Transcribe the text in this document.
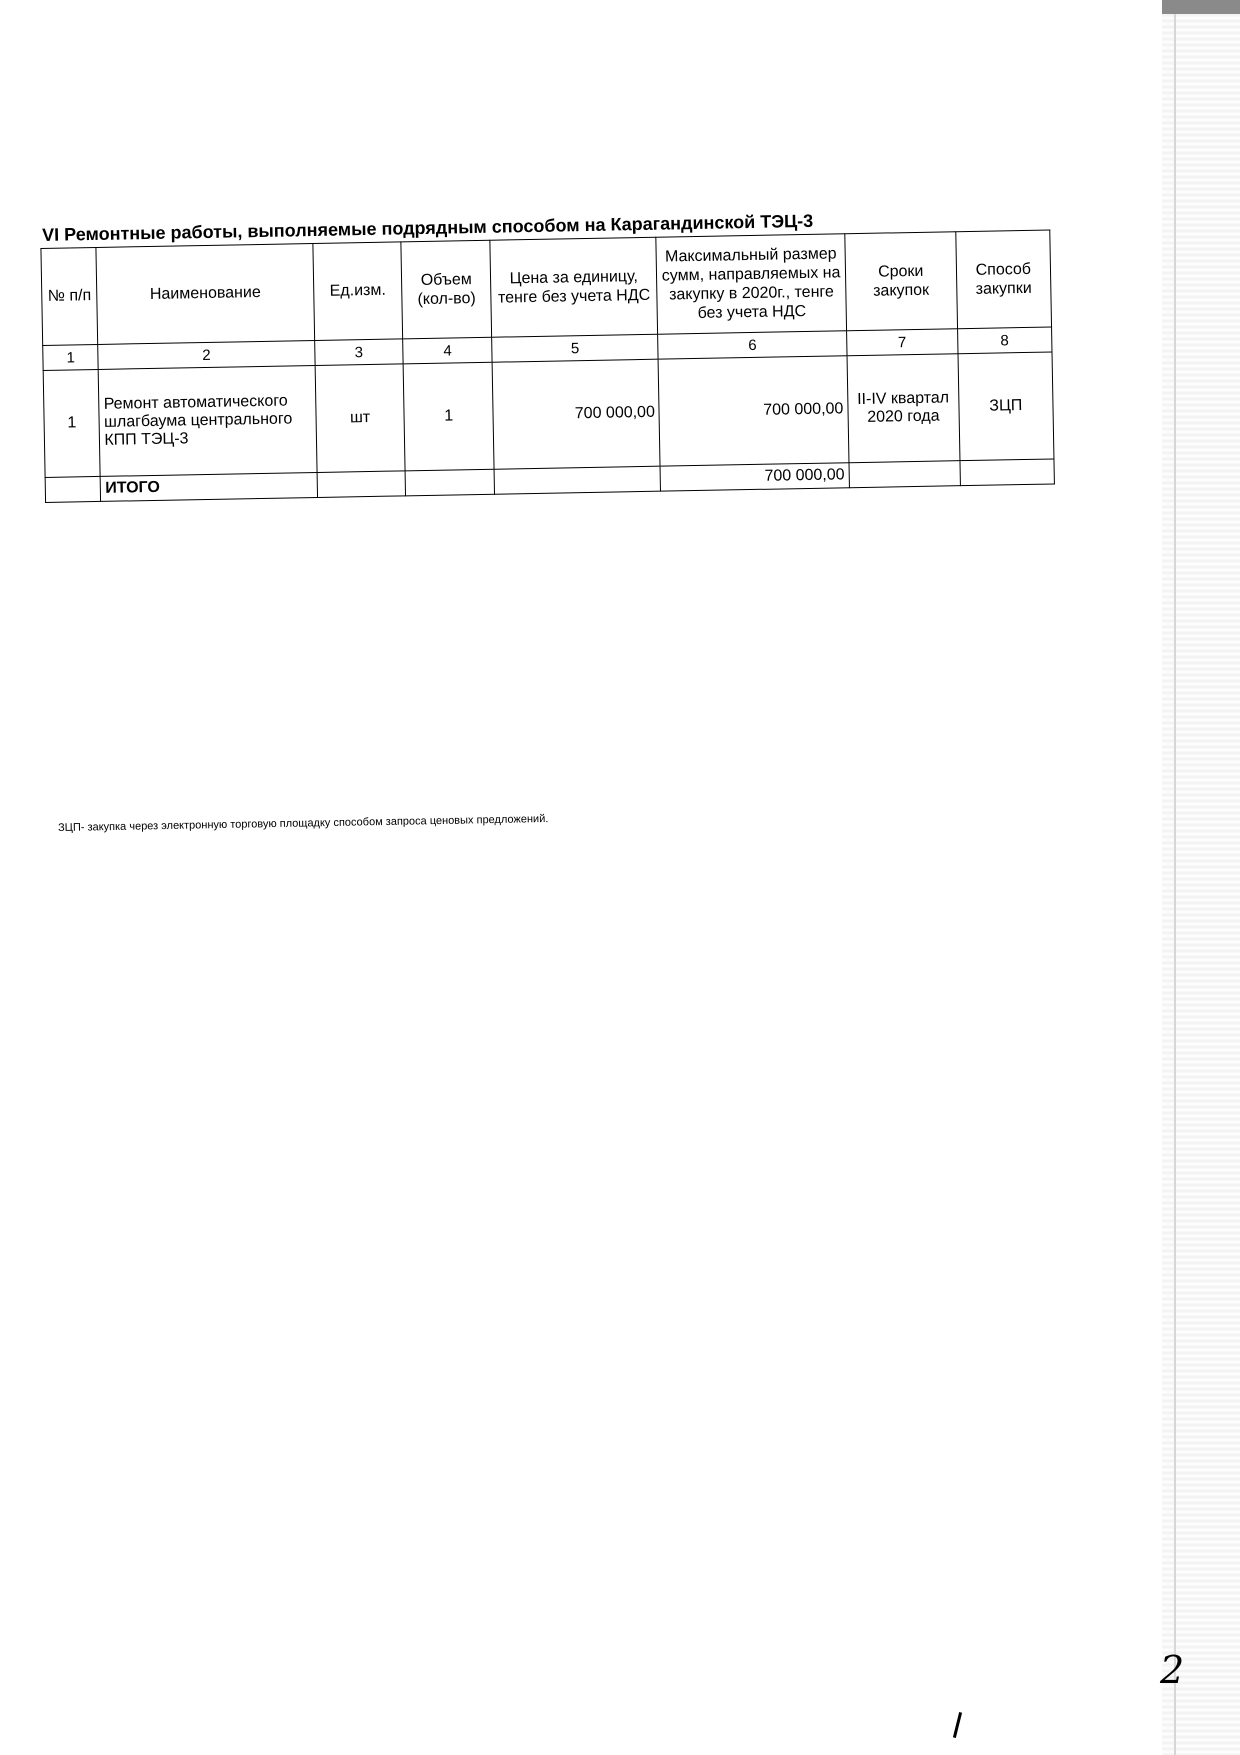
VI Ремонтные работы, выполняемые подрядным способом на Карагандинской ТЭЦ-3
№ п/п	Наименование	Ед.изм.	Объем (кол-во)	Цена за единицу, тенге без учета НДС	Максимальный размер сумм, направляемых на закупку в 2020г., тенге без учета НДС	Сроки закупок	Способ закупки
1	2	3	4	5	6	7	8
1	Ремонт автоматического шлагбаума центрального КПП ТЭЦ-3	шт	1	700 000,00	700 000,00	II-IV квартал 2020 года	ЗЦП
	ИТОГО				700 000,00		
ЗЦП- закупка через электронную торговую площадку способом запроса ценовых предложений.
2
